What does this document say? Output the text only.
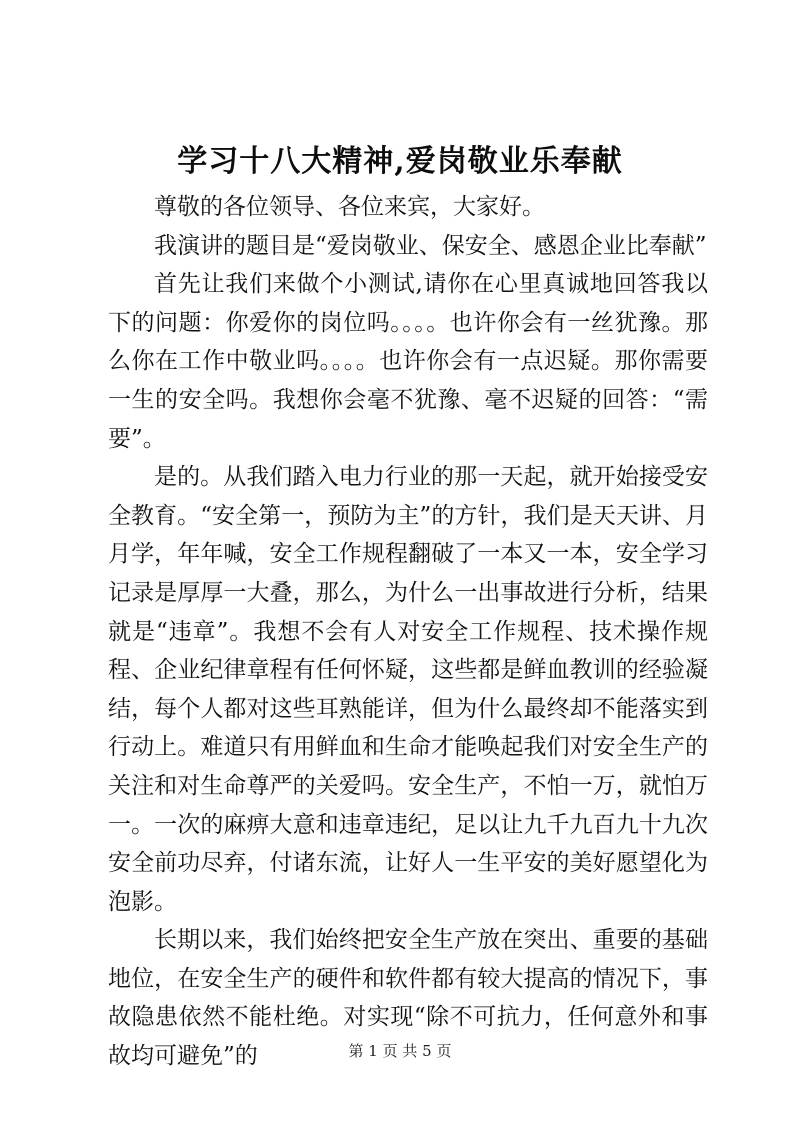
学习十八大精神,爱岗敬业乐奉献

尊敬的各位领导、各位来宾，大家好。

我演讲的题目是“爱岗敬业、保安全、感恩企业比奉献”

首先让我们来做个小测试,请你在心里真诚地回答我以下的问题：你爱你的岗位吗。。。。也许你会有一丝犹豫。那么你在工作中敬业吗。。。。也许你会有一点迟疑。那你需要一生的安全吗。我想你会毫不犹豫、毫不迟疑的回答：“需要”。

是的。从我们踏入电力行业的那一天起，就开始接受安全教育。“安全第一，预防为主”的方针，我们是天天讲、月月学，年年喊，安全工作规程翻破了一本又一本，安全学习记录是厚厚一大叠，那么，为什么一出事故进行分析，结果就是“违章”。我想不会有人对安全工作规程、技术操作规程、企业纪律章程有任何怀疑，这些都是鲜血教训的经验凝结，每个人都对这些耳熟能详，但为什么最终却不能落实到行动上。难道只有用鲜血和生命才能唤起我们对安全生产的关注和对生命尊严的关爱吗。安全生产，不怕一万，就怕万一。一次的麻痹大意和违章违纪，足以让九千九百九十九次安全前功尽弃，付诸东流，让好人一生平安的美好愿望化为泡影。

长期以来，我们始终把安全生产放在突出、重要的基础地位，在安全生产的硬件和软件都有较大提高的情况下，事故隐患依然不能杜绝。对实现“除不可抗力，任何意外和事故均可避免”的	第 1 页 共 5 页
